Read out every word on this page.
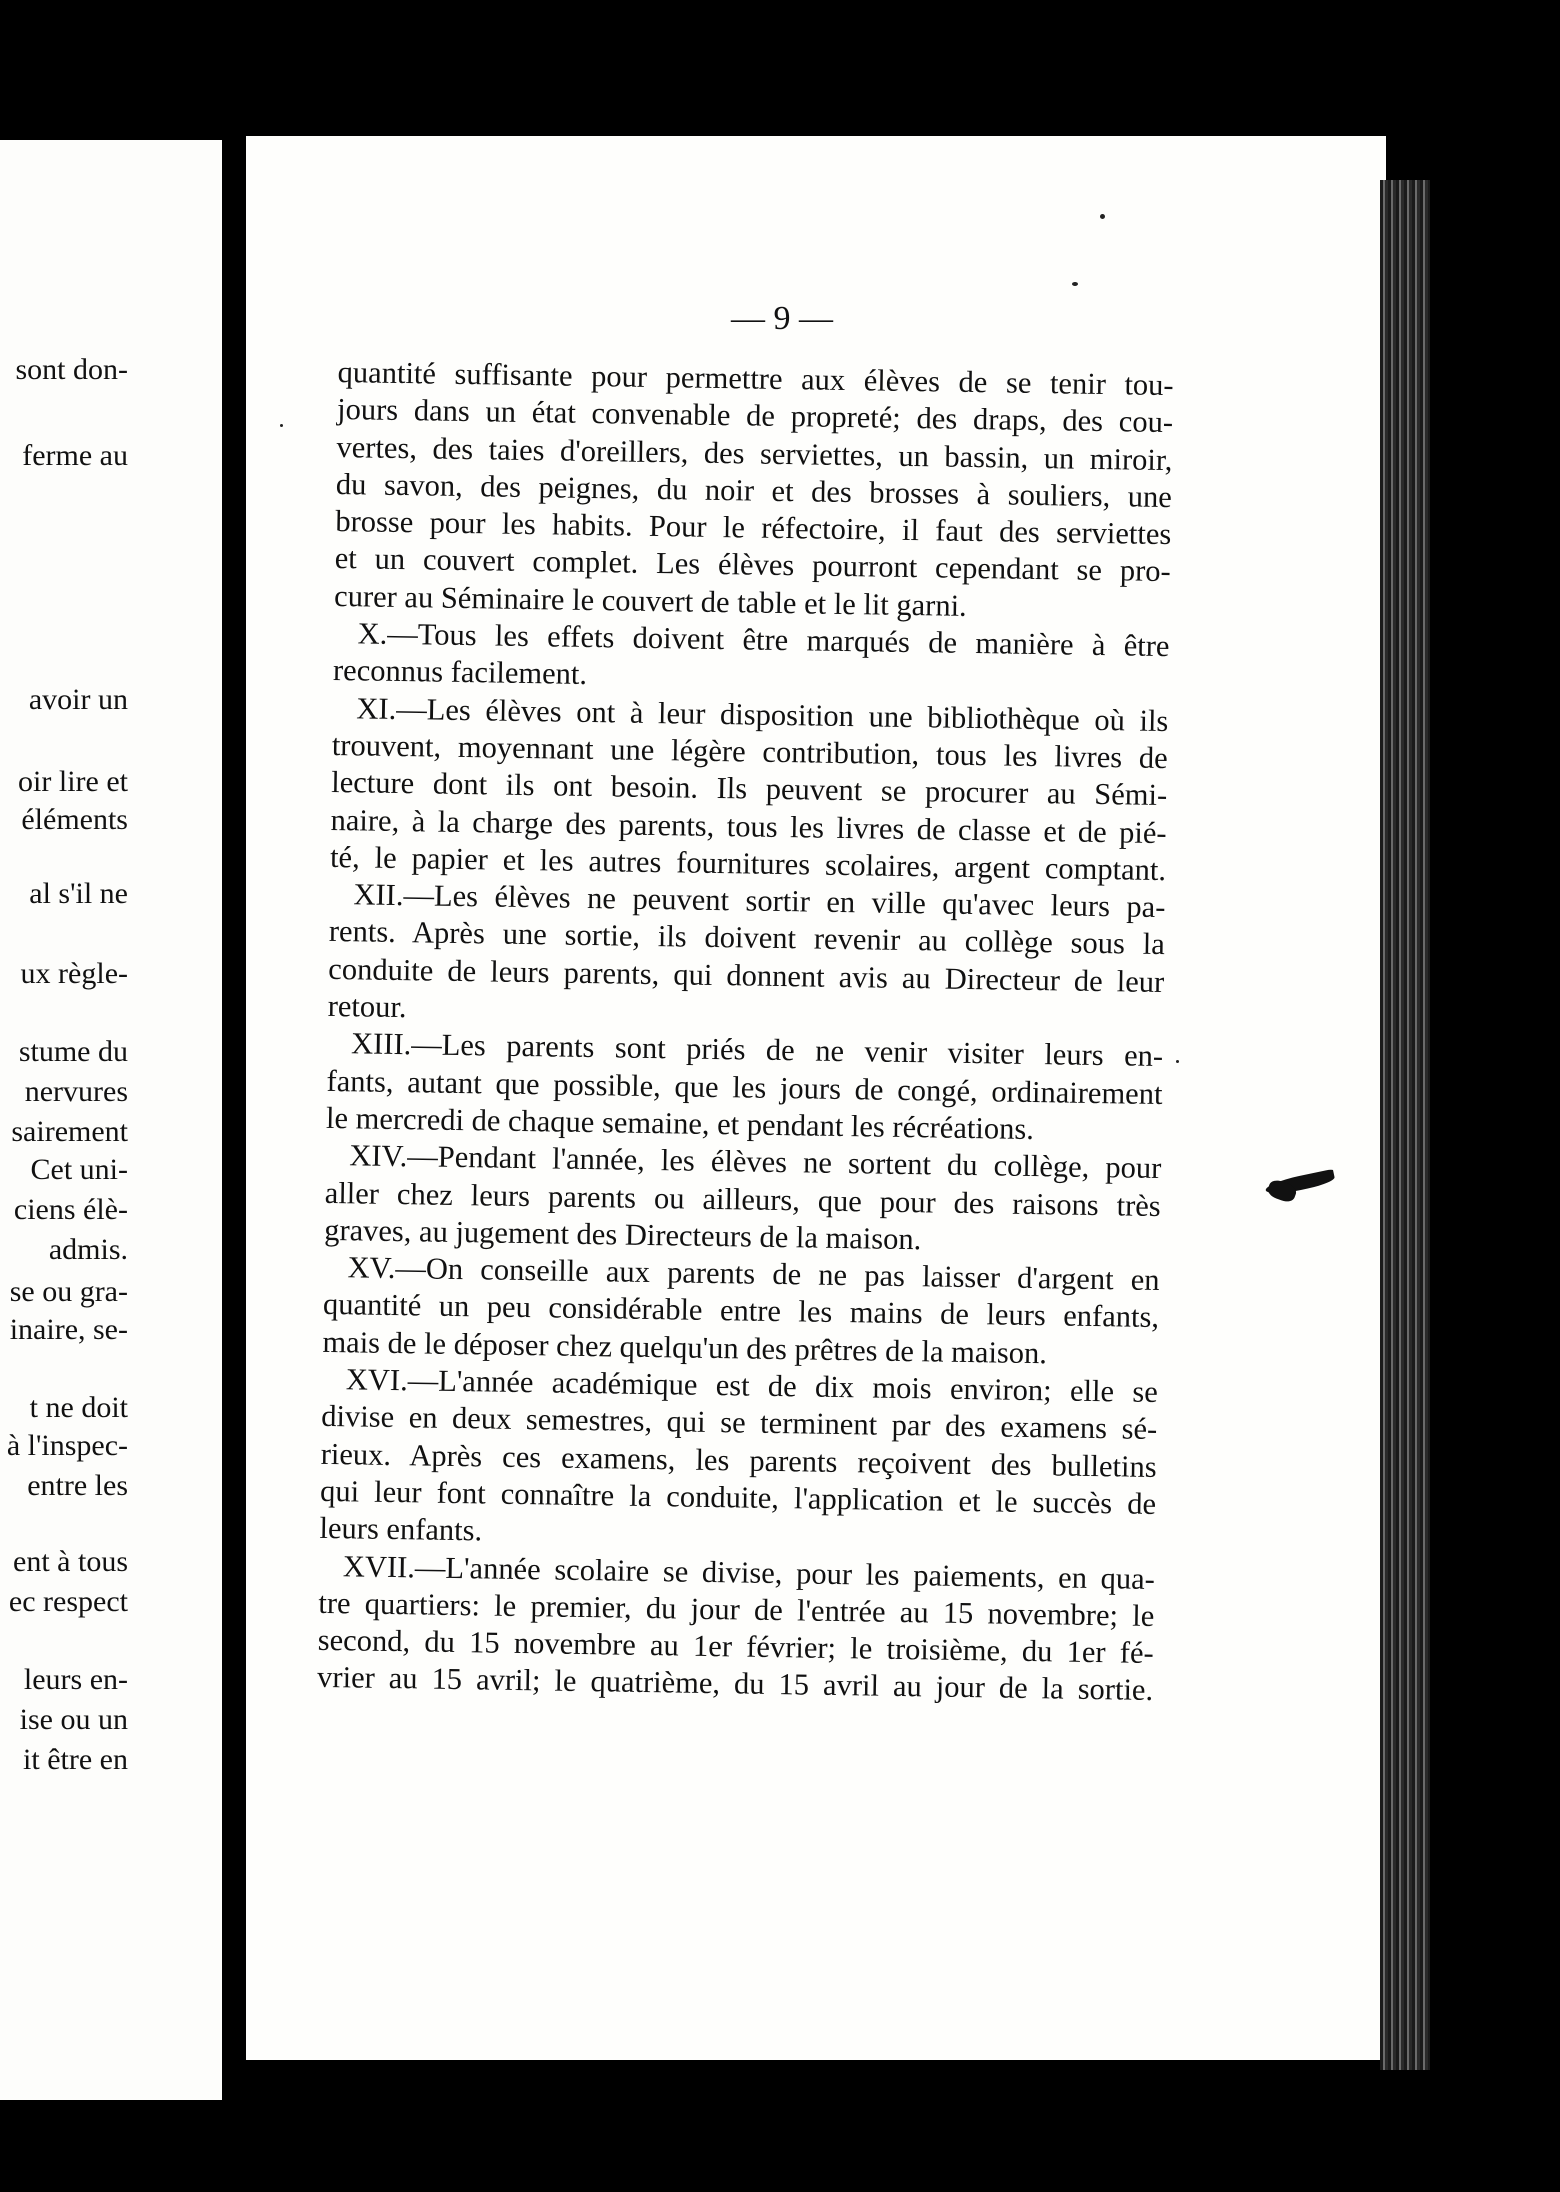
sont don-
ferme au
avoir un
oir lire et
éléments
al s'il ne
ux règle-
stume du
nervures
sairement
Cet uni-
ciens élè-
admis.
se ou gra-
inaire, se-
t ne doit
à l'inspec-
entre les
ent à tous
ec respect
leurs en-
ise ou un
it être en
— 9 —
quantité suffisante pour permettre aux élèves de se tenir tou-
jours dans un état convenable de propreté; des draps, des cou-
vertes, des taies d'oreillers, des serviettes, un bassin, un miroir,
du savon, des peignes, du noir et des brosses à souliers, une
brosse pour les habits. Pour le réfectoire, il faut des serviettes
et un couvert complet. Les élèves pourront cependant se pro-
curer au Séminaire le couvert de table et le lit garni.
X.—Tous les effets doivent être marqués de manière à être
reconnus facilement.
XI.—Les élèves ont à leur disposition une bibliothèque où ils
trouvent, moyennant une légère contribution, tous les livres de
lecture dont ils ont besoin. Ils peuvent se procurer au Sémi-
naire, à la charge des parents, tous les livres de classe et de pié-
té, le papier et les autres fournitures scolaires, argent comptant.
XII.—Les élèves ne peuvent sortir en ville qu'avec leurs pa-
rents. Après une sortie, ils doivent revenir au collège sous la
conduite de leurs parents, qui donnent avis au Directeur de leur
retour.
XIII.—Les parents sont priés de ne venir visiter leurs en-
fants, autant que possible, que les jours de congé, ordinairement
le mercredi de chaque semaine, et pendant les récréations.
XIV.—Pendant l'année, les élèves ne sortent du collège, pour
aller chez leurs parents ou ailleurs, que pour des raisons très
graves, au jugement des Directeurs de la maison.
XV.—On conseille aux parents de ne pas laisser d'argent en
quantité un peu considérable entre les mains de leurs enfants,
mais de le déposer chez quelqu'un des prêtres de la maison.
XVI.—L'année académique est de dix mois environ; elle se
divise en deux semestres, qui se terminent par des examens sé-
rieux. Après ces examens, les parents reçoivent des bulletins
qui leur font connaître la conduite, l'application et le succès de
leurs enfants.
XVII.—L'année scolaire se divise, pour les paiements, en qua-
tre quartiers: le premier, du jour de l'entrée au 15 novembre; le
second, du 15 novembre au 1er février; le troisième, du 1er fé-
vrier au 15 avril; le quatrième, du 15 avril au jour de la sortie.
